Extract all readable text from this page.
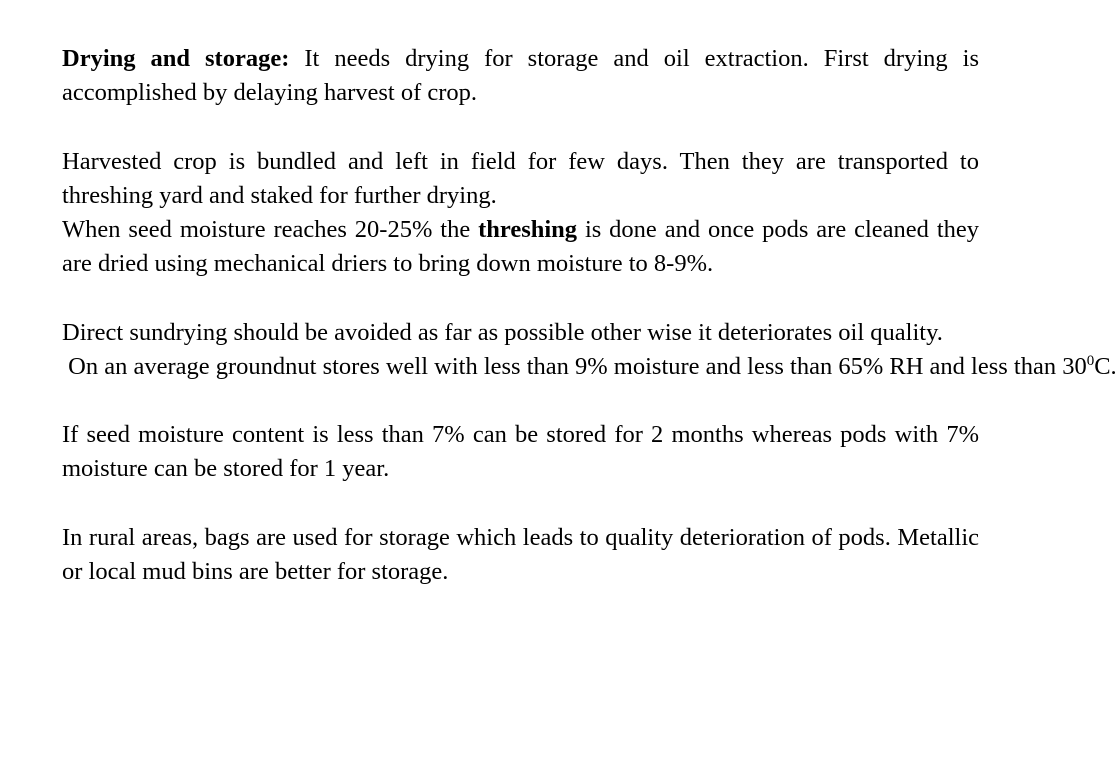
Drying and storage: It needs drying for storage and oil extraction. First drying is accomplished by delaying harvest of crop.

Harvested crop is bundled and left in field for few days. Then they are transported to threshing yard and staked for further drying.

When seed moisture reaches 20-25% the threshing is done and once pods are cleaned they are dried using mechanical driers to bring down moisture to 8-9%.

Direct sundrying should be avoided as far as possible other wise it deteriorates oil quality.

On an average groundnut stores well with less than 9% moisture and less than 65% RH and less than $30^0C$.

If seed moisture content is less than 7% can be stored for 2 months whereas pods with 7% moisture can be stored for 1 year.

In rural areas, bags are used for storage which leads to quality deterioration of pods. Metallic or local mud bins are better for storage.
